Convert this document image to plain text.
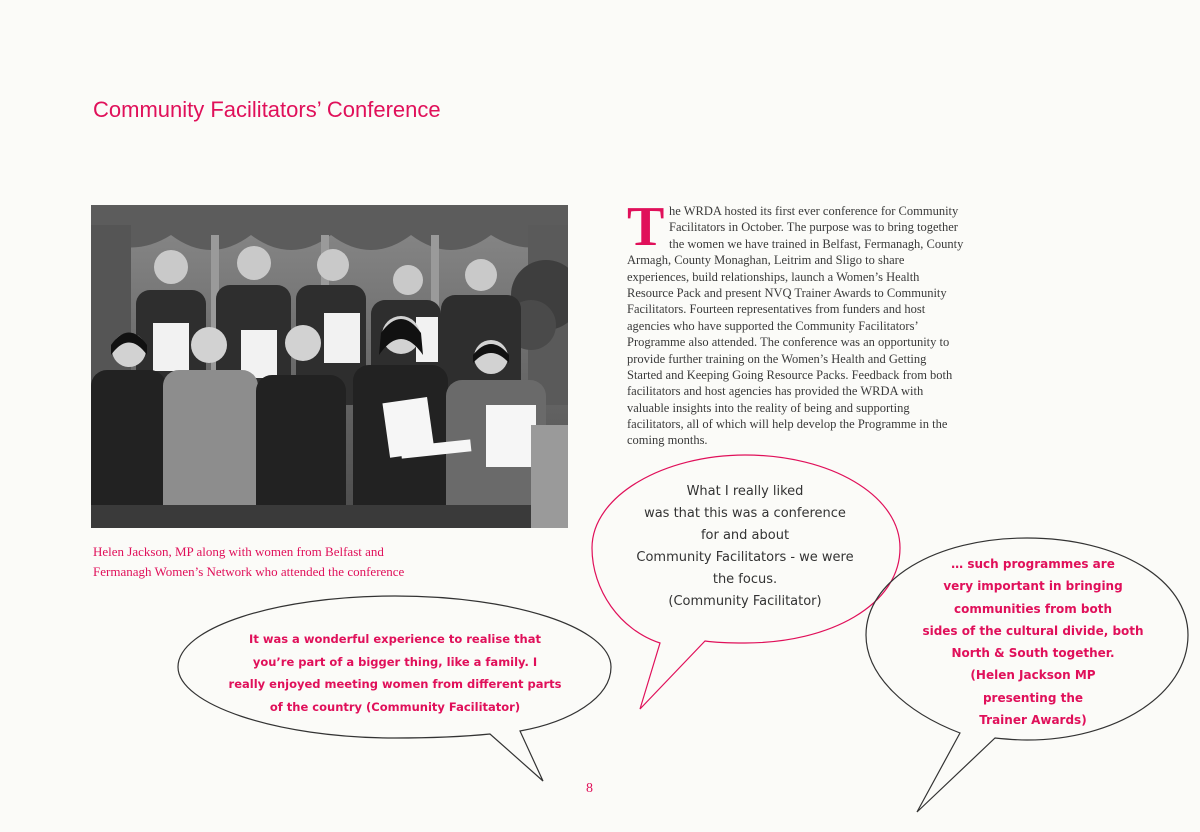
Community Facilitators’ Conference
Helen Jackson, MP along with women from Belfast and
Fermanagh Women’s Network who attended the conference
T he WRDA hosted its first ever conference for Community
Facilitators in October. The purpose was to bring together
the women we have trained in Belfast, Fermanagh, County
Armagh, County Monaghan, Leitrim and Sligo to share
experiences, build relationships, launch a Women’s Health
Resource Pack and present NVQ Trainer Awards to Community
Facilitators. Fourteen representatives from funders and host
agencies who have supported the Community Facilitators’
Programme also attended. The conference was an opportunity to
provide further training on the Women’s Health and Getting
Started and Keeping Going Resource Packs. Feedback from both
facilitators and host agencies has provided the WRDA with
valuable insights into the reality of being and supporting
facilitators, all of which will help develop the Programme in the
coming months.
What I really liked
was that this was a conference
for and about
Community Facilitators - we were
the focus.
(Community Facilitator)
It was a wonderful experience to realise that
you’re part of a bigger thing, like a family. I
really enjoyed meeting women from different parts
of the country (Community Facilitator)
… such programmes are
very important in bringing
communities from both
sides of the cultural divide, both
North & South together.
(Helen Jackson MP
presenting the
Trainer Awards)
8
